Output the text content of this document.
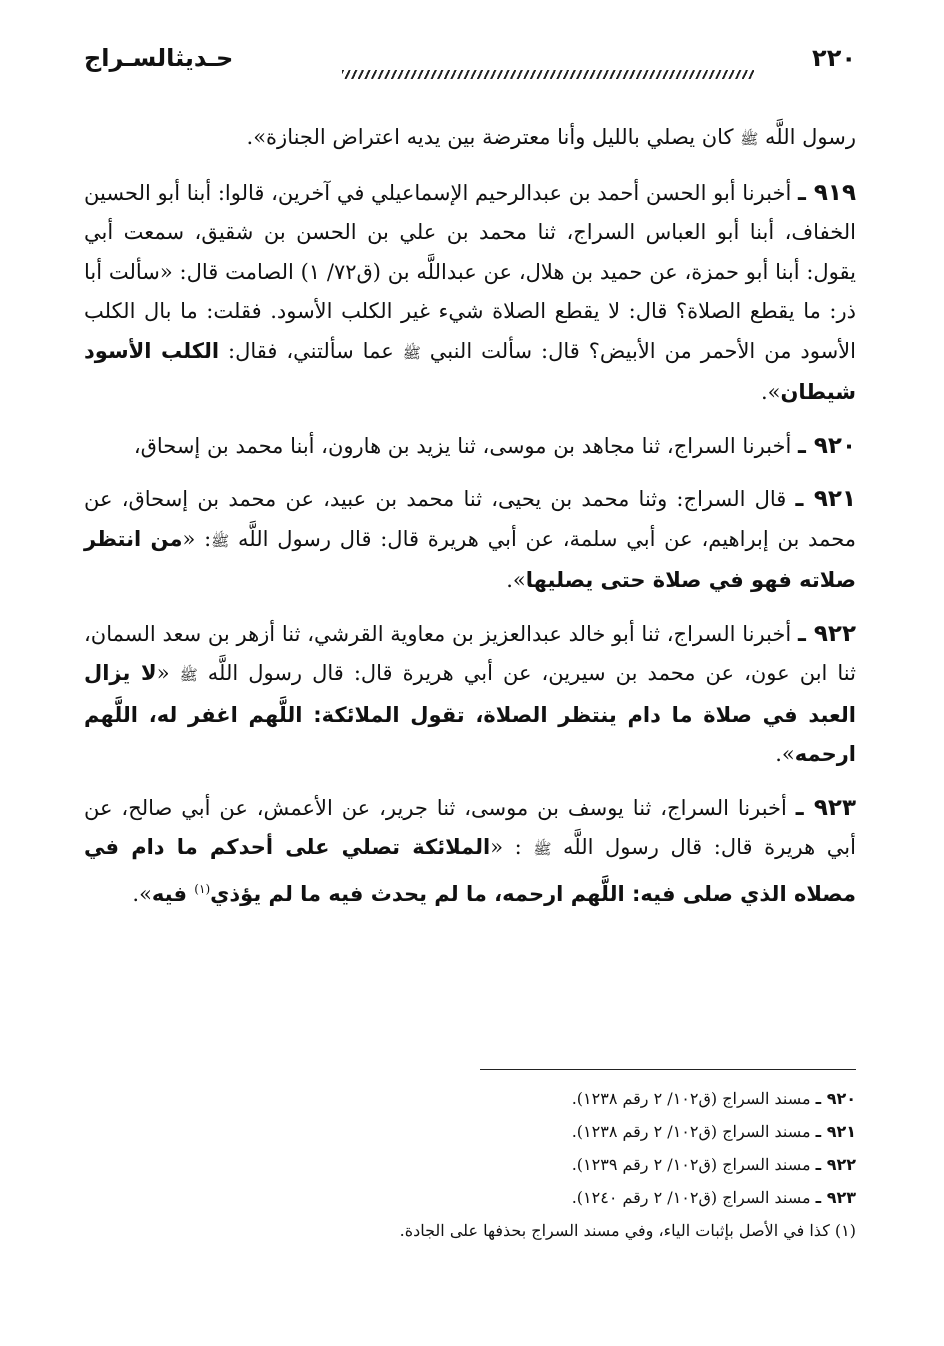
حـديثالسـراج	٢٢٠

رسول اللَّه ﷺ كان يصلي بالليل وأنا معترضة بين يديه اعتراض الجنازة».

٩١٩ ـ أخبرنا أبو الحسن أحمد بن عبدالرحيم الإسماعيلي في آخرين، قالوا: أبنا أبو الحسين الخفاف، أبنا أبو العباس السراج، ثنا محمد بن علي بن الحسن بن شقيق، سمعت أبي يقول: أبنا أبو حمزة، عن حميد بن هلال، عن عبداللَّه بن (ق٧٢/ ١) الصامت قال: «سألت أبا ذر: ما يقطع الصلاة؟ قال: لا يقطع الصلاة شيء غير الكلب الأسود. فقلت: ما بال الكلب الأسود من الأحمر من الأبيض؟ قال: سألت النبي ﷺ عما سألتني، فقال: الكلب الأسود شيطان».

٩٢٠ ـ أخبرنا السراج، ثنا مجاهد بن موسى، ثنا يزيد بن هارون، أبنا محمد بن إسحاق،

٩٢١ ـ قال السراج: وثنا محمد بن يحيى، ثنا محمد بن عبيد، عن محمد بن إسحاق، عن محمد بن إبراهيم، عن أبي سلمة، عن أبي هريرة قال: قال رسول اللَّه ﷺ: «من انتظر صلاته فهو في صلاة حتى يصليها».

٩٢٢ ـ أخبرنا السراج، ثنا أبو خالد عبدالعزيز بن معاوية القرشي، ثنا أزهر بن سعد السمان، ثنا ابن عون، عن محمد بن سيرين، عن أبي هريرة قال: قال رسول اللَّه ﷺ «لا يزال العبد في صلاة ما دام ينتظر الصلاة، تقول الملائكة: اللَّهم اغفر له، اللَّهم ارحمه».

٩٢٣ ـ أخبرنا السراج، ثنا يوسف بن موسى، ثنا جرير، عن الأعمش، عن أبي صالح، عن أبي هريرة قال: قال رسول اللَّه ﷺ : «الملائكة تصلي على أحدكم ما دام في مصلاه الذي صلى فيه: اللَّهم ارحمه، ما لم يحدث فيه ما لم يؤذي$^{(١)}$ فيه».

٩٢٠ ـ مسند السراج (ق١٠٢/ ٢ رقم ١٢٣٨).
٩٢١ ـ مسند السراج (ق١٠٢/ ٢ رقم ١٢٣٨).
٩٢٢ ـ مسند السراج (ق١٠٢/ ٢ رقم ١٢٣٩).
٩٢٣ ـ مسند السراج (ق١٠٢/ ٢ رقم ١٢٤٠).
(١) كذا في الأصل بإثبات الياء، وفي مسند السراج بحذفها على الجادة.
